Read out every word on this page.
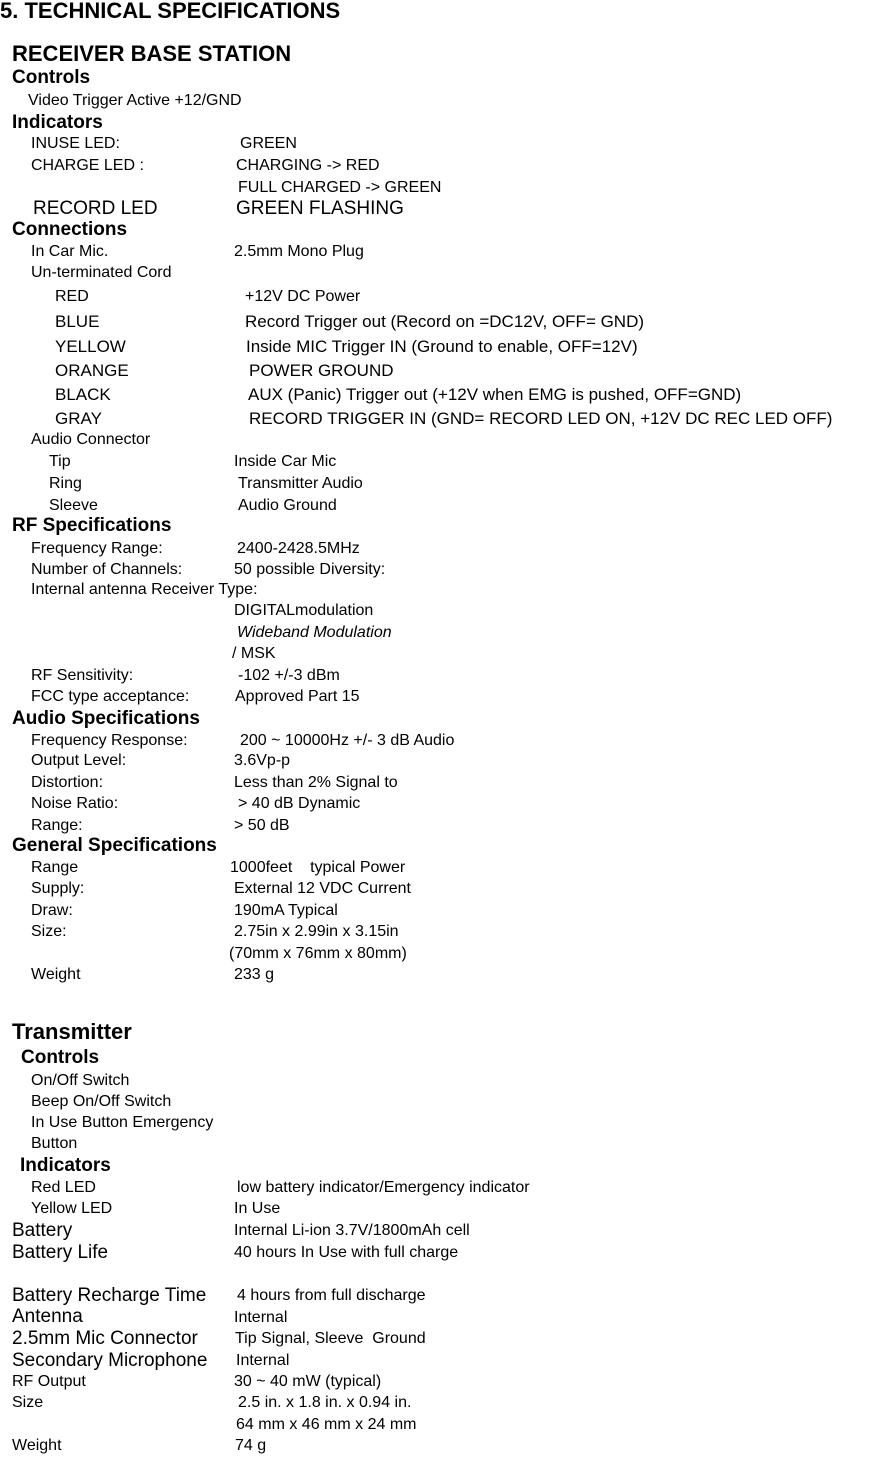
5. TECHNICAL SPECIFICATIONS
RECEIVER BASE STATION
Controls
Video Trigger Active +12/GND
Indicators
INUSE LED:	GREEN
CHARGE LED :	CHARGING -> RED
FULL CHARGED -> GREEN
RECORD LED	GREEN FLASHING
Connections
In Car Mic.	2.5mm Mono Plug
Un-terminated Cord
RED	+12V DC Power
BLUE	Record Trigger out (Record on =DC12V, OFF= GND)
YELLOW	Inside MIC Trigger IN (Ground to enable, OFF=12V)
ORANGE	POWER GROUND
BLACK	AUX (Panic) Trigger out (+12V when EMG is pushed, OFF=GND)
GRAY	RECORD TRIGGER IN (GND= RECORD LED ON, +12V DC REC LED OFF)
Audio Connector
Tip	Inside Car Mic
Ring	Transmitter Audio
Sleeve	Audio Ground
RF Specifications
Frequency Range:	2400-2428.5MHz
Number of Channels:	50 possible Diversity:
Internal antenna Receiver Type:
DIGITALmodulation
Wideband Modulation
/ MSK
RF Sensitivity:	-102 +/-3 dBm
FCC type acceptance:	Approved Part 15
Audio Specifications
Frequency Response:	200 ~ 10000Hz +/- 3 dB Audio
Output Level:	3.6Vp-p
Distortion:	Less than 2% Signal to
Noise Ratio:	> 40 dB Dynamic
Range:	> 50 dB
General Specifications
Range	1000feet    typical Power
Supply:	External 12 VDC Current
Draw:	190mA Typical
Size:	2.75in x 2.99in x 3.15in
(70mm x 76mm x 80mm)
Weight	233 g
Transmitter
Controls
On/Off Switch
Beep On/Off Switch
In Use Button Emergency
Button
Indicators
Red LED	low battery indicator/Emergency indicator
Yellow LED	In Use
Battery	Internal Li-ion 3.7V/1800mAh cell
Battery Life	40 hours In Use with full charge
Battery Recharge Time 4 hours from full discharge
Antenna	Internal
2.5mm Mic Connector Tip Signal, Sleeve  Ground
Secondary Microphone Internal
RF Output	30 ~ 40 mW (typical)
Size	2.5 in. x 1.8 in. x 0.94 in.
64 mm x 46 mm x 24 mm
Weight	74 g
